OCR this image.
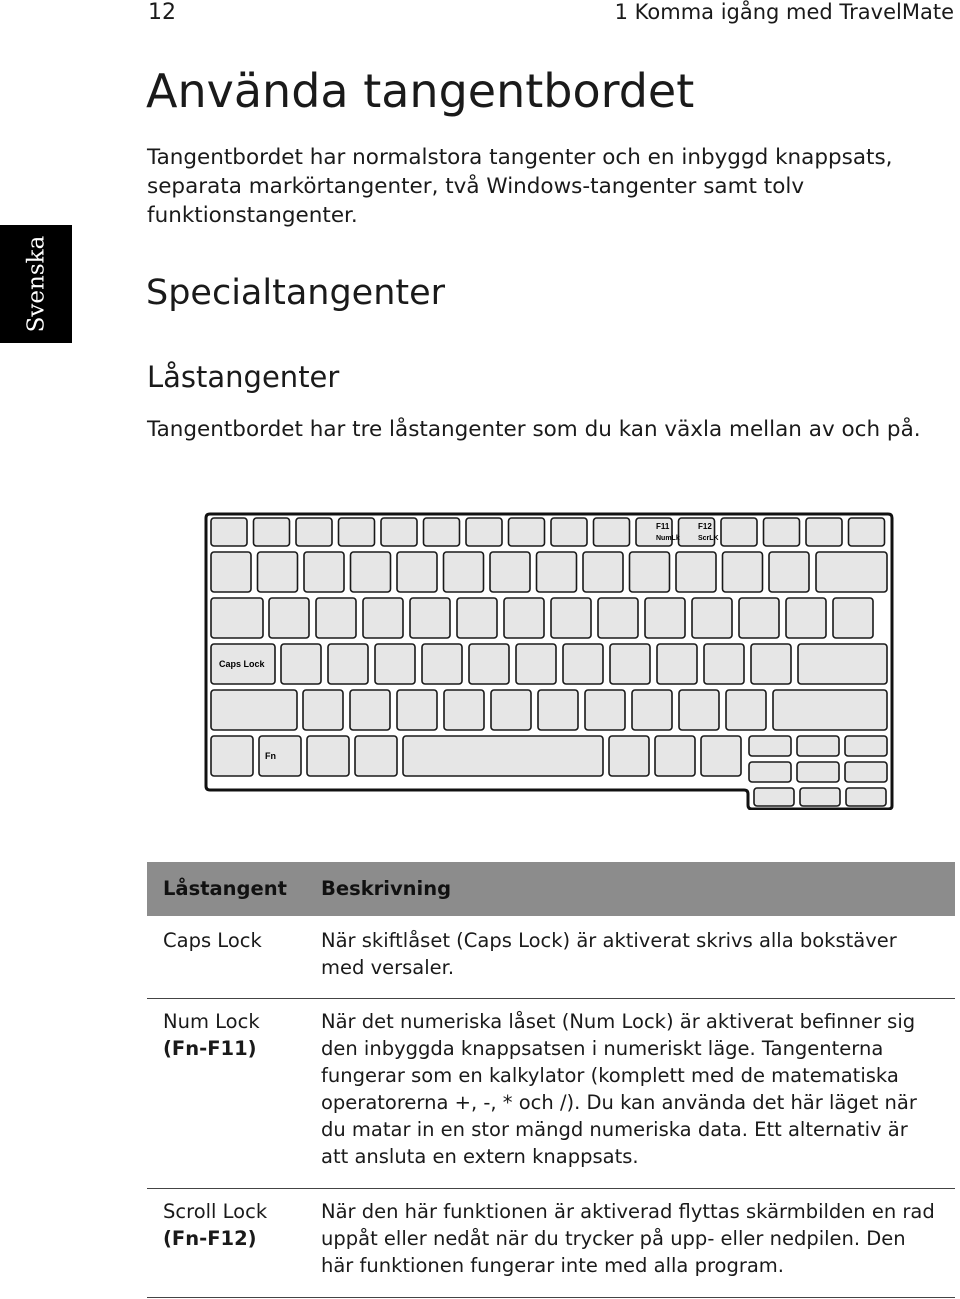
12	1 Komma igång med TravelMate
Svenska
Använda tangentbordet

Tangentbordet har normalstora tangenter och en inbyggd knappsats, separata markörtangenter, två Windows-tangenter samt tolv funktionstangenter.

Specialtangenter
Låstangenter

Tangentbordet har tre låstangenter som du kan växla mellan av och på.

F11
NumLk
F12
ScrLK
Caps Lock
Fn
Låstangent Beskrivning
Caps Lock	När skiftlåset (Caps Lock) är aktiverat skrivs alla bokstäver med versaler.
Num Lock
(Fn-F11)
När det numeriska låset (Num Lock) är aktiverat befinner sig den inbyggda knappsatsen i numeriskt läge. Tangenterna fungerar som en kalkylator (komplett med de matematiska operatorerna +, -, * och /). Du kan använda det här läget när du matar in en stor mängd numeriska data. Ett alternativ är att ansluta en extern knappsats.
Scroll Lock
(Fn-F12)
När den här funktionen är aktiverad flyttas skärmbilden en rad uppåt eller nedåt när du trycker på upp- eller nedpilen. Den här funktionen fungerar inte med alla program.
